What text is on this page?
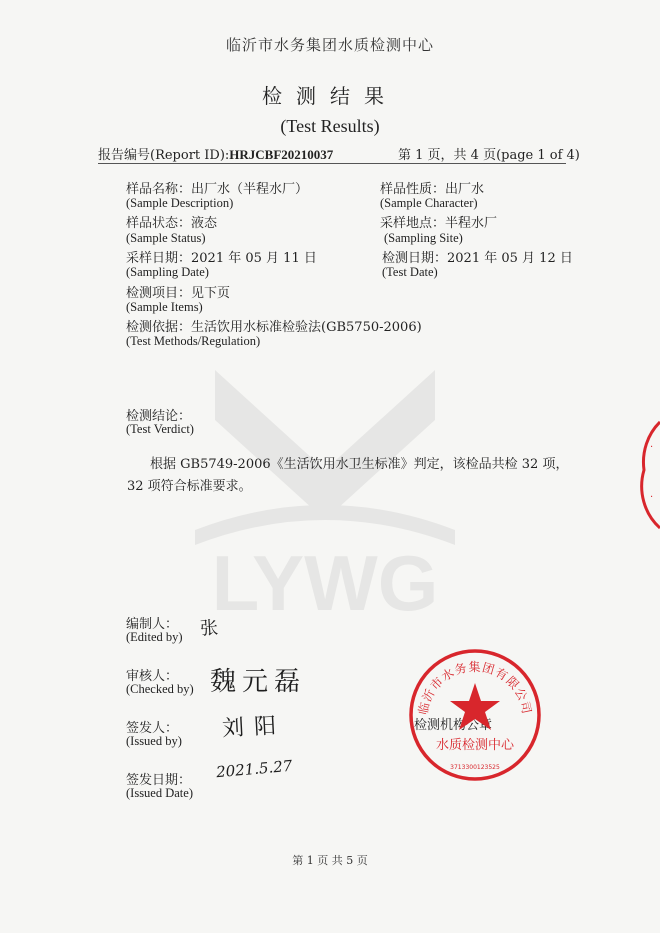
LYWG
临沂市水务集团水质检测中心
检测结果
(Test Results)
报告编号(Report ID):HRJCBF20210037	第 1 页，共 4 页(page 1 of 4)
样品名称：出厂水（半程水厂）
(Sample Description)
样品状态：液态
(Sample Status)
采样日期：2021 年 05 月 11 日
(Sampling Date)
检测项目：见下页
(Sample Items)
检测依据：生活饮用水标准检验法(GB5750-2006)
(Test Methods/Regulation)
样品性质：出厂水
(Sample Character)
采样地点：半程水厂
(Sampling Site)
检测日期：2021 年 05 月 12 日
(Test Date)
检测结论：
(Test Verdict)
根据 GB5749-2006《生活饮用水卫生标准》判定，该检品共检 32 项，
32 项符合标准要求。
编制人：
(Edited by) 张
审核人：
(Checked by) 魏元磊
签发人：
(Issued by) 刘阳
签发日期：
(Issued Date)
2021.5.27
检测机构公章
临沂市水务集团有限公司
水质检测中心
3713300123525
·
·
第 1 页 共 5 页
